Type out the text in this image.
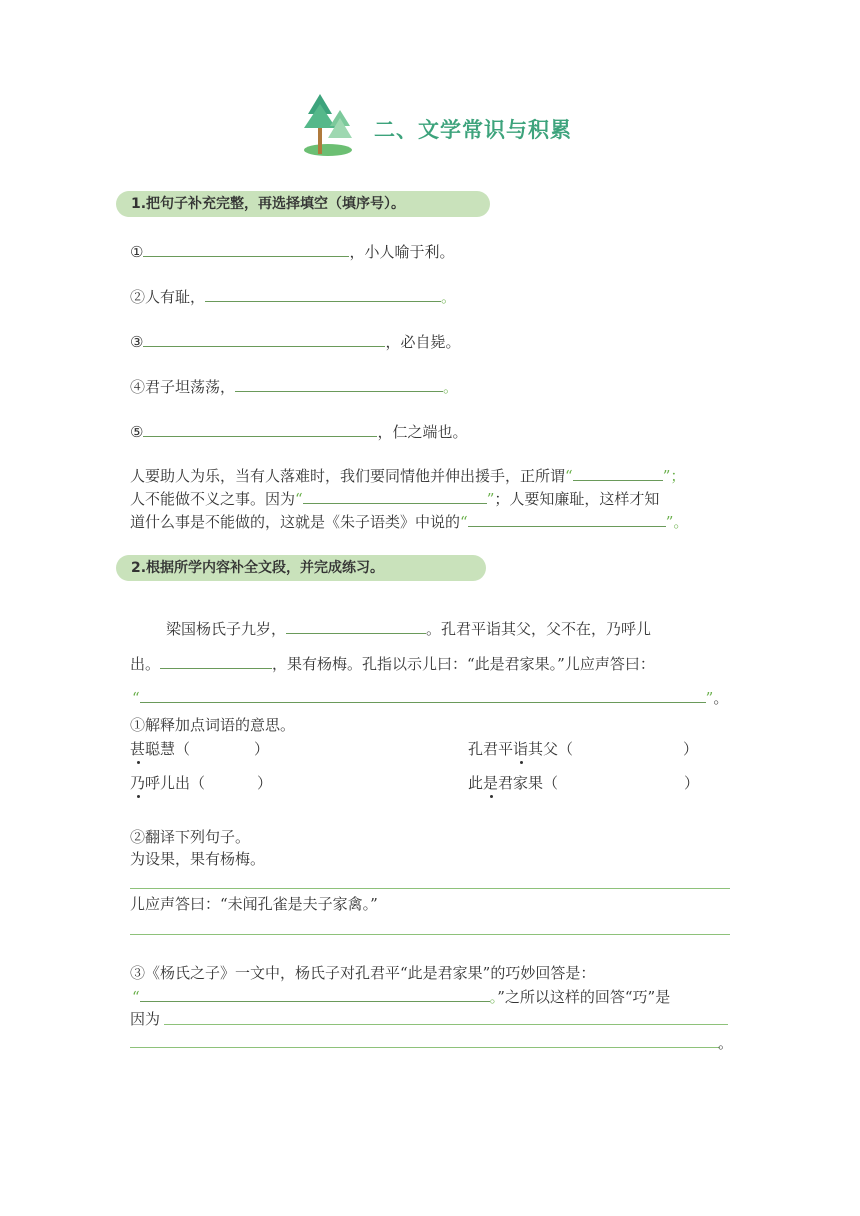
二、文学常识与积累
1.把句子补充完整，再选择填空（填序号）。
①	，小人喻于利。
②人有耻，	。
③	，必自毙。
④君子坦荡荡，	。
⑤	，仁之端也。
人要助人为乐，当有人落难时，我们要同情他并伸出援手，正所谓“	”；
人不能做不义之事。因为“	”；人要知廉耻，这样才知
道什么事是不能做的，这就是《朱子语类》中说的“	”。
2.根据所学内容补全文段，并完成练习。
梁国杨氏子九岁，	。孔君平诣其父，父不在，乃呼儿
出。	，果有杨梅。孔指以示儿曰：“此是君家果。”儿应声答曰：
“	”。
①解释加点词语的意思。
甚聪慧（	）	孔君平诣其父（	）
乃呼儿出（	）	此是君家果（	）
②翻译下列句子。
为设果，果有杨梅。
儿应声答曰：“未闻孔雀是夫子家禽。”
③《杨氏之子》一文中，杨氏子对孔君平“此是君家果”的巧妙回答是：
“	。”之所以这样的回答“巧”是
因为
。
